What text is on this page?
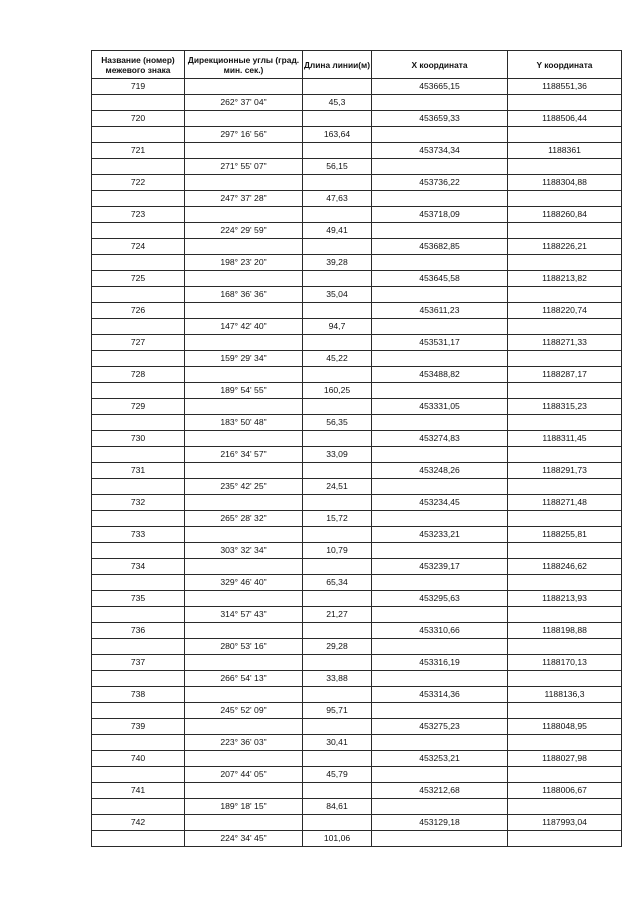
Название (номер) межевого знака	Дирекционные углы (град. мин. сек.)	Длина линии(м)	X координата	Y координата
719			453665,15	1188551,36
	262° 37' 04"	45,3		
720			453659,33	1188506,44
	297° 16' 56"	163,64		
721			453734,34	1188361
	271° 55' 07"	56,15		
722			453736,22	1188304,88
	247° 37' 28"	47,63		
723			453718,09	1188260,84
	224° 29' 59"	49,41		
724			453682,85	1188226,21
	198° 23' 20"	39,28		
725			453645,58	1188213,82
	168° 36' 36"	35,04		
726			453611,23	1188220,74
	147° 42' 40"	94,7		
727			453531,17	1188271,33
	159° 29' 34"	45,22		
728			453488,82	1188287,17
	189° 54' 55"	160,25		
729			453331,05	1188315,23
	183° 50' 48"	56,35		
730			453274,83	1188311,45
	216° 34' 57"	33,09		
731			453248,26	1188291,73
	235° 42' 25"	24,51		
732			453234,45	1188271,48
	265° 28' 32"	15,72		
733			453233,21	1188255,81
	303° 32' 34"	10,79		
734			453239,17	1188246,62
	329° 46' 40"	65,34		
735			453295,63	1188213,93
	314° 57' 43"	21,27		
736			453310,66	1188198,88
	280° 53' 16"	29,28		
737			453316,19	1188170,13
	266° 54' 13"	33,88		
738			453314,36	1188136,3
	245° 52' 09"	95,71		
739			453275,23	1188048,95
	223° 36' 03"	30,41		
740			453253,21	1188027,98
	207° 44' 05"	45,79		
741			453212,68	1188006,67
	189° 18' 15"	84,61		
742			453129,18	1187993,04
	224° 34' 45"	101,06		
